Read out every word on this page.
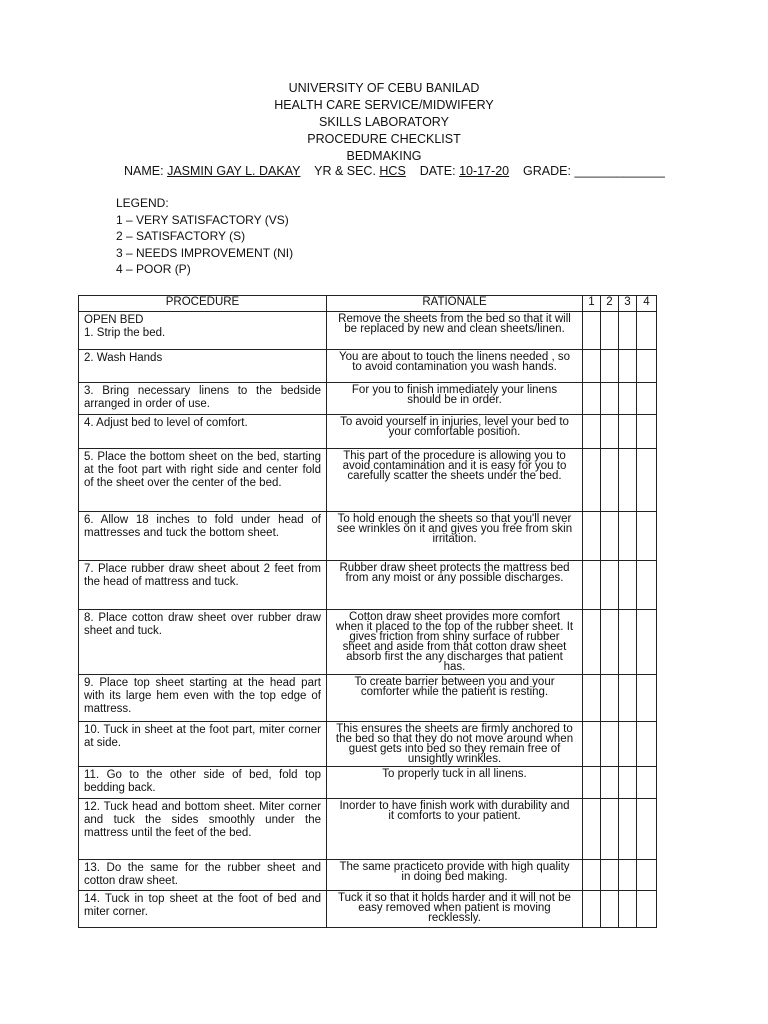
UNIVERSITY OF CEBU BANILAD
HEALTH CARE SERVICE/MIDWIFERY
SKILLS LABORATORY
PROCEDURE CHECKLIST
BEDMAKING
NAME: JASMIN GAY L. DAKAY YR & SEC. HCS DATE: 10-17-20 GRADE: _____________
LEGEND:
1 – VERY SATISFACTORY (VS)
2 – SATISFACTORY (S)
3 – NEEDS IMPROVEMENT (NI)
4 – POOR (P)
PROCEDURE	RATIONALE	1	2	3	4
OPEN BED
1. Strip the bed.	Remove the sheets from the bed so that it will be replaced by new and clean sheets/linen.				
2. Wash Hands	You are about to touch the linens needed , so to avoid contamination you wash hands.				
3. Bring necessary linens to the bedside arranged in order of use.	For you to finish immediately your linens should be in order.				
4. Adjust bed to level of comfort.	To avoid yourself in injuries, level your bed to your comfortable position.				
5. Place the bottom sheet on the bed, starting at the foot part with right side and center fold of the sheet over the center of the bed.	This part of the procedure is allowing you to avoid contamination and it is easy for you to carefully scatter the sheets under the bed.				
6. Allow 18 inches to fold under head of mattresses and tuck the bottom sheet.	To hold enough the sheets so that you'll never see wrinkles on it and gives you free from skin irritation.				
7. Place rubber draw sheet about 2 feet from the head of mattress and tuck.	Rubber draw sheet protects the mattress bed from any moist or any possible discharges.				
8. Place cotton draw sheet over rubber draw sheet and tuck.	Cotton draw sheet provides more comfort when it placed to the top of the rubber sheet. It gives friction from shiny surface of rubber sheet and aside from that cotton draw sheet absorb first the any discharges that patient has.				
9. Place top sheet starting at the head part with its large hem even with the top edge of mattress.	To create barrier between you and your comforter while the patient is resting.				
10. Tuck in sheet at the foot part, miter corner at side.	This ensures the sheets are firmly anchored to the bed so that they do not move around when guest gets into bed so they remain free of unsightly wrinkles.				
11. Go to the other side of bed, fold top bedding back.	To properly tuck in all linens.				
12. Tuck head and bottom sheet. Miter corner and tuck the sides smoothly under the mattress until the feet of the bed.	Inorder to have finish work with durability and it comforts to your patient.				
13. Do the same for the rubber sheet and cotton draw sheet.	The same practiceto provide with high quality in doing bed making.				
14. Tuck in top sheet at the foot of bed and miter corner.	Tuck it so that it holds harder and it will not be easy removed when patient is moving recklessly.				
